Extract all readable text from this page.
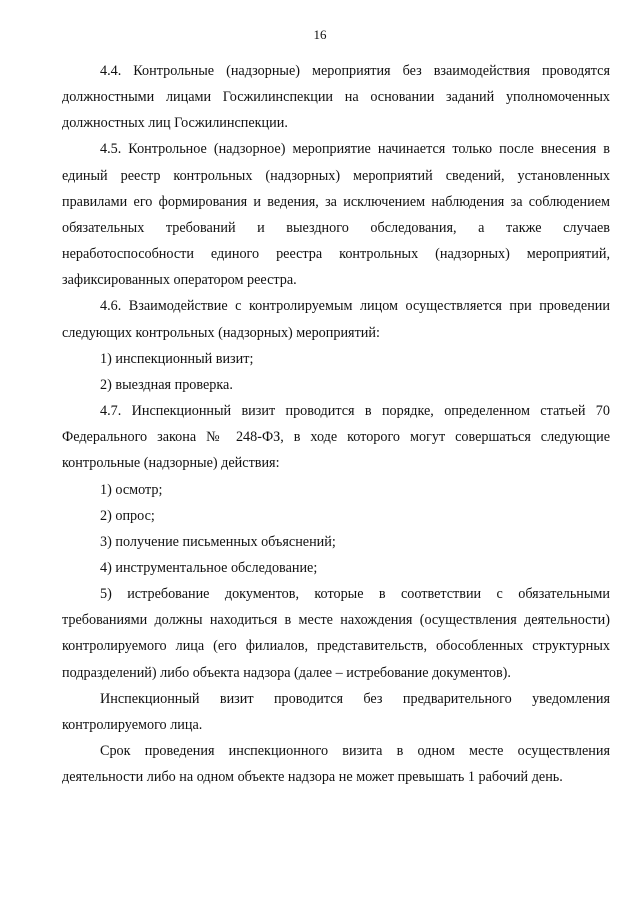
16

4.4. Контрольные (надзорные) мероприятия без взаимодействия проводятся должностными лицами Госжилинспекции на основании заданий уполномоченных должностных лиц Госжилинспекции.

4.5. Контрольное (надзорное) мероприятие начинается только после внесения в единый реестр контрольных (надзорных) мероприятий сведений, установленных правилами его формирования и ведения, за исключением наблюдения за соблюдением обязательных требований и выездного обследования, а также случаев неработоспособности единого реестра контрольных (надзорных) мероприятий, зафиксированных оператором реестра.

4.6. Взаимодействие с контролируемым лицом осуществляется при проведении следующих контрольных (надзорных) мероприятий:

1) инспекционный визит;

2) выездная проверка.

4.7. Инспекционный визит проводится в порядке, определенном статьей 70 Федерального закона № 248-ФЗ, в ходе которого могут совершаться следующие контрольные (надзорные) действия:

1) осмотр;

2) опрос;

3) получение письменных объяснений;

4) инструментальное обследование;

5) истребование документов, которые в соответствии с обязательными требованиями должны находиться в месте нахождения (осуществления деятельности) контролируемого лица (его филиалов, представительств, обособленных структурных подразделений) либо объекта надзора (далее – истребование документов).

Инспекционный визит проводится без предварительного уведомления контролируемого лица.

Срок проведения инспекционного визита в одном месте осуществления деятельности либо на одном объекте надзора не может превышать 1 рабочий день.
